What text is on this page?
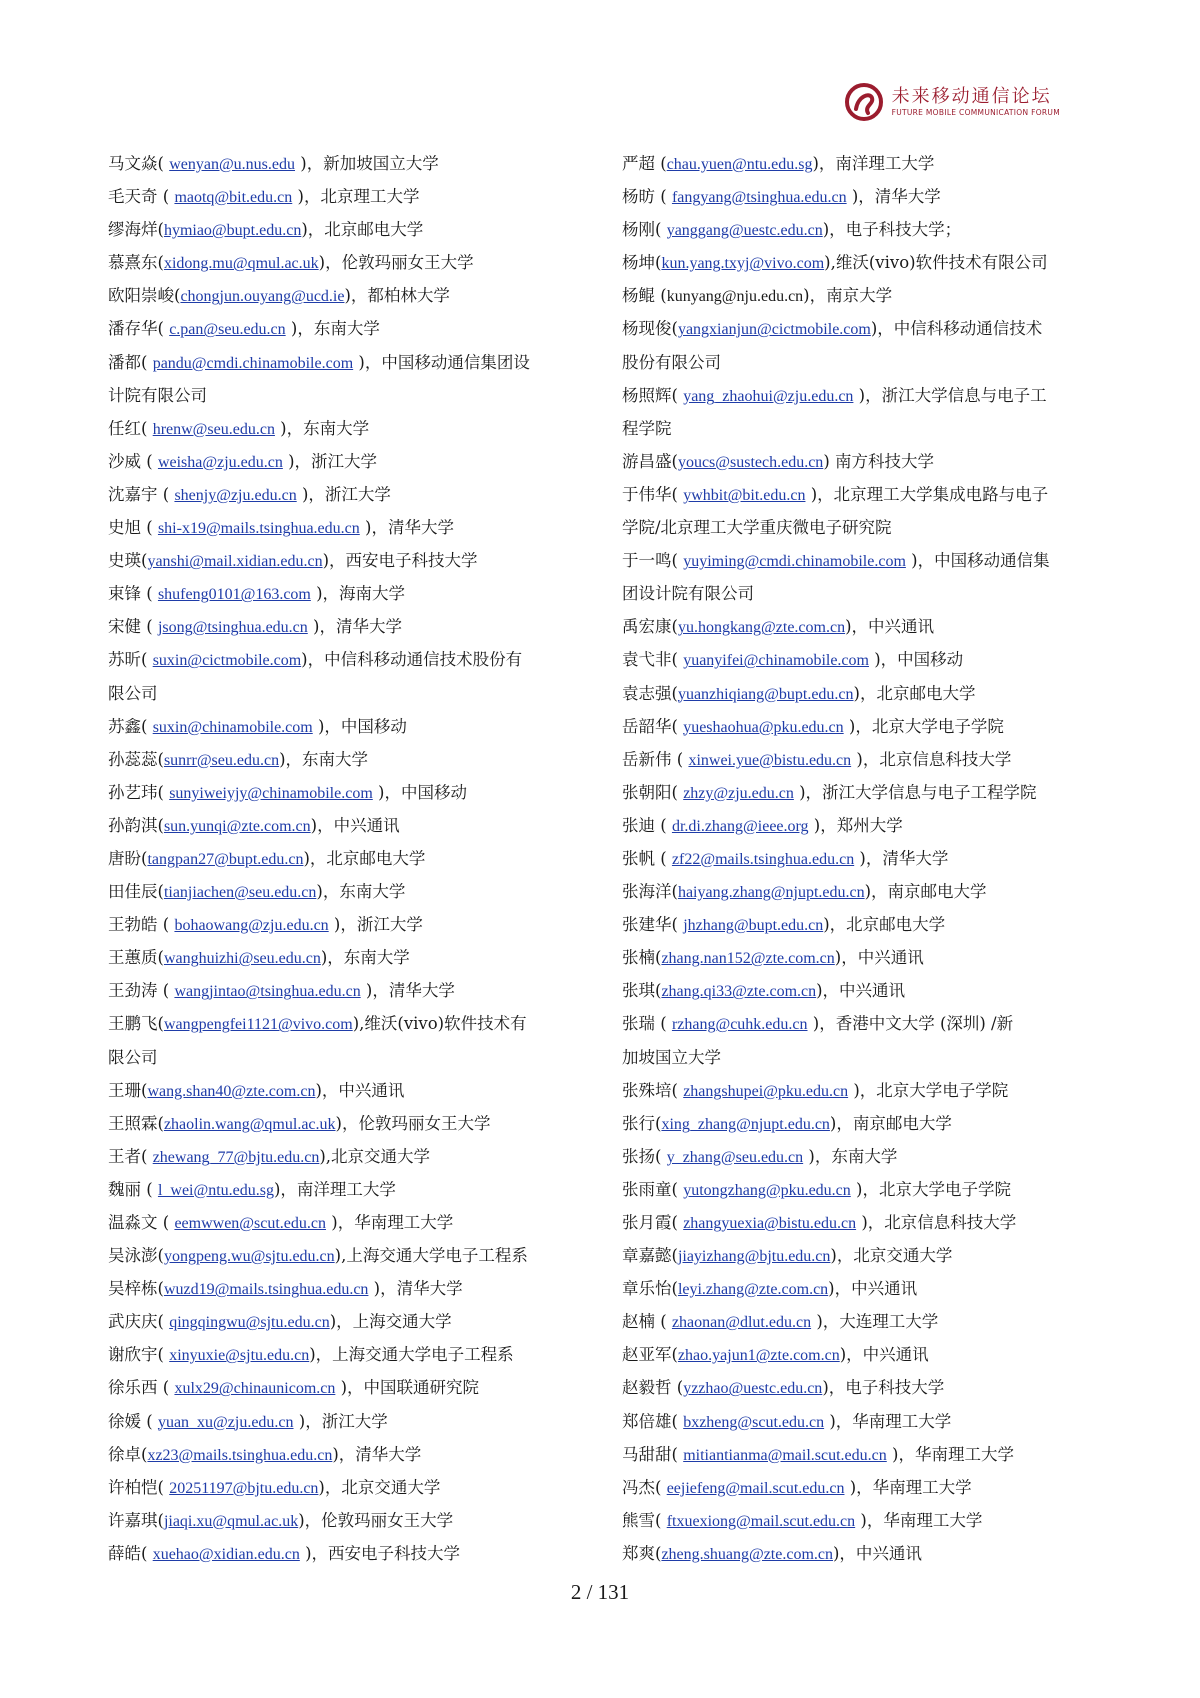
未来移动通信论坛
FUTURE MOBILE COMMUNICATION FORUM
马文焱( wenyan@u.nus.edu )，新加坡国立大学
毛天奇 ( maotq@bit.edu.cn )，北京理工大学
缪海烊(hymiao@bupt.edu.cn)，北京邮电大学
慕熹东(xidong.mu@qmul.ac.uk)，伦敦玛丽女王大学
欧阳崇峻(chongjun.ouyang@ucd.ie)，都柏林大学
潘存华( c.pan@seu.edu.cn )，东南大学
潘都( pandu@cmdi.chinamobile.com )，中国移动通信集团设
计院有限公司
任红( hrenw@seu.edu.cn )，东南大学
沙威 ( weisha@zju.edu.cn )，浙江大学
沈嘉宇 ( shenjy@zju.edu.cn )，浙江大学
史旭 ( shi-x19@mails.tsinghua.edu.cn )，清华大学
史瑛(yanshi@mail.xidian.edu.cn)，西安电子科技大学
束锋 ( shufeng0101@163.com )，海南大学
宋健 ( jsong@tsinghua.edu.cn )，清华大学
苏昕( suxin@cictmobile.com)，中信科移动通信技术股份有
限公司
苏鑫( suxin@chinamobile.com )，中国移动
孙蕊蕊(sunrr@seu.edu.cn)，东南大学
孙艺玮( sunyiweiyjy@chinamobile.com )，中国移动
孙韵淇(sun.yunqi@zte.com.cn)，中兴通讯
唐盼(tangpan27@bupt.edu.cn)，北京邮电大学
田佳辰(tianjiachen@seu.edu.cn)，东南大学
王勃皓 ( bohaowang@zju.edu.cn )，浙江大学
王蕙质(wanghuizhi@seu.edu.cn)，东南大学
王劲涛 ( wangjintao@tsinghua.edu.cn )，清华大学
王鹏飞(wangpengfei1121@vivo.com),维沃(vivo)软件技术有
限公司
王珊(wang.shan40@zte.com.cn)，中兴通讯
王照霖(zhaolin.wang@qmul.ac.uk)，伦敦玛丽女王大学
王者( zhewang_77@bjtu.edu.cn),北京交通大学
魏丽 ( l_wei@ntu.edu.sg)，南洋理工大学
温淼文 ( eemwwen@scut.edu.cn )，华南理工大学
吴泳澎(yongpeng.wu@sjtu.edu.cn),上海交通大学电子工程系
吴梓栋(wuzd19@mails.tsinghua.edu.cn )，清华大学
武庆庆( qingqingwu@sjtu.edu.cn)，上海交通大学
谢欣宇( xinyuxie@sjtu.edu.cn)，上海交通大学电子工程系
徐乐西 ( xulx29@chinaunicom.cn )，中国联通研究院
徐媛 ( yuan_xu@zju.edu.cn )，浙江大学
徐卓(xz23@mails.tsinghua.edu.cn)，清华大学
许柏恺( 20251197@bjtu.edu.cn)，北京交通大学
许嘉琪(jiaqi.xu@qmul.ac.uk)，伦敦玛丽女王大学
薛皓( xuehao@xidian.edu.cn )，西安电子科技大学
严超 (chau.yuen@ntu.edu.sg)，南洋理工大学
杨昉 ( fangyang@tsinghua.edu.cn )，清华大学
杨刚( yanggang@uestc.edu.cn)，电子科技大学；
杨坤(kun.yang.txyj@vivo.com),维沃(vivo)软件技术有限公司
杨鲲 (kunyang@nju.edu.cn)，南京大学
杨现俊(yangxianjun@cictmobile.com)，中信科移动通信技术
股份有限公司
杨照辉( yang_zhaohui@zju.edu.cn )，浙江大学信息与电子工
程学院
游昌盛(youcs@sustech.edu.cn) 南方科技大学
于伟华( ywhbit@bit.edu.cn )，北京理工大学集成电路与电子
学院/北京理工大学重庆微电子研究院
于一鸣( yuyiming@cmdi.chinamobile.com )，中国移动通信集
团设计院有限公司
禹宏康(yu.hongkang@zte.com.cn)，中兴通讯
袁弋非( yuanyifei@chinamobile.com )，中国移动
袁志强(yuanzhiqiang@bupt.edu.cn)，北京邮电大学
岳韶华( yueshaohua@pku.edu.cn )，北京大学电子学院
岳新伟 ( xinwei.yue@bistu.edu.cn )，北京信息科技大学
张朝阳( zhzy@zju.edu.cn )，浙江大学信息与电子工程学院
张迪 ( dr.di.zhang@ieee.org )，郑州大学
张帆 ( zf22@mails.tsinghua.edu.cn )，清华大学
张海洋(haiyang.zhang@njupt.edu.cn)，南京邮电大学
张建华( jhzhang@bupt.edu.cn)，北京邮电大学
张楠(zhang.nan152@zte.com.cn)，中兴通讯
张琪(zhang.qi33@zte.com.cn)，中兴通讯
张瑞 ( rzhang@cuhk.edu.cn )，香港中文大学 (深圳) /新
加坡国立大学
张殊培( zhangshupei@pku.edu.cn )，北京大学电子学院
张行(xing_zhang@njupt.edu.cn)，南京邮电大学
张扬( y_zhang@seu.edu.cn )，东南大学
张雨童( yutongzhang@pku.edu.cn )，北京大学电子学院
张月霞( zhangyuexia@bistu.edu.cn )，北京信息科技大学
章嘉懿(jiayizhang@bjtu.edu.cn)，北京交通大学
章乐怡(leyi.zhang@zte.com.cn)，中兴通讯
赵楠 ( zhaonan@dlut.edu.cn )，大连理工大学
赵亚军(zhao.yajun1@zte.com.cn)，中兴通讯
赵毅哲 (yzzhao@uestc.edu.cn)，电子科技大学
郑倍雄( bxzheng@scut.edu.cn )，华南理工大学
马甜甜( mitiantianma@mail.scut.edu.cn )，华南理工大学
冯杰( eejiefeng@mail.scut.edu.cn )，华南理工大学
熊雪( ftxuexiong@mail.scut.edu.cn )，华南理工大学
郑爽(zheng.shuang@zte.com.cn)，中兴通讯
2 / 131
